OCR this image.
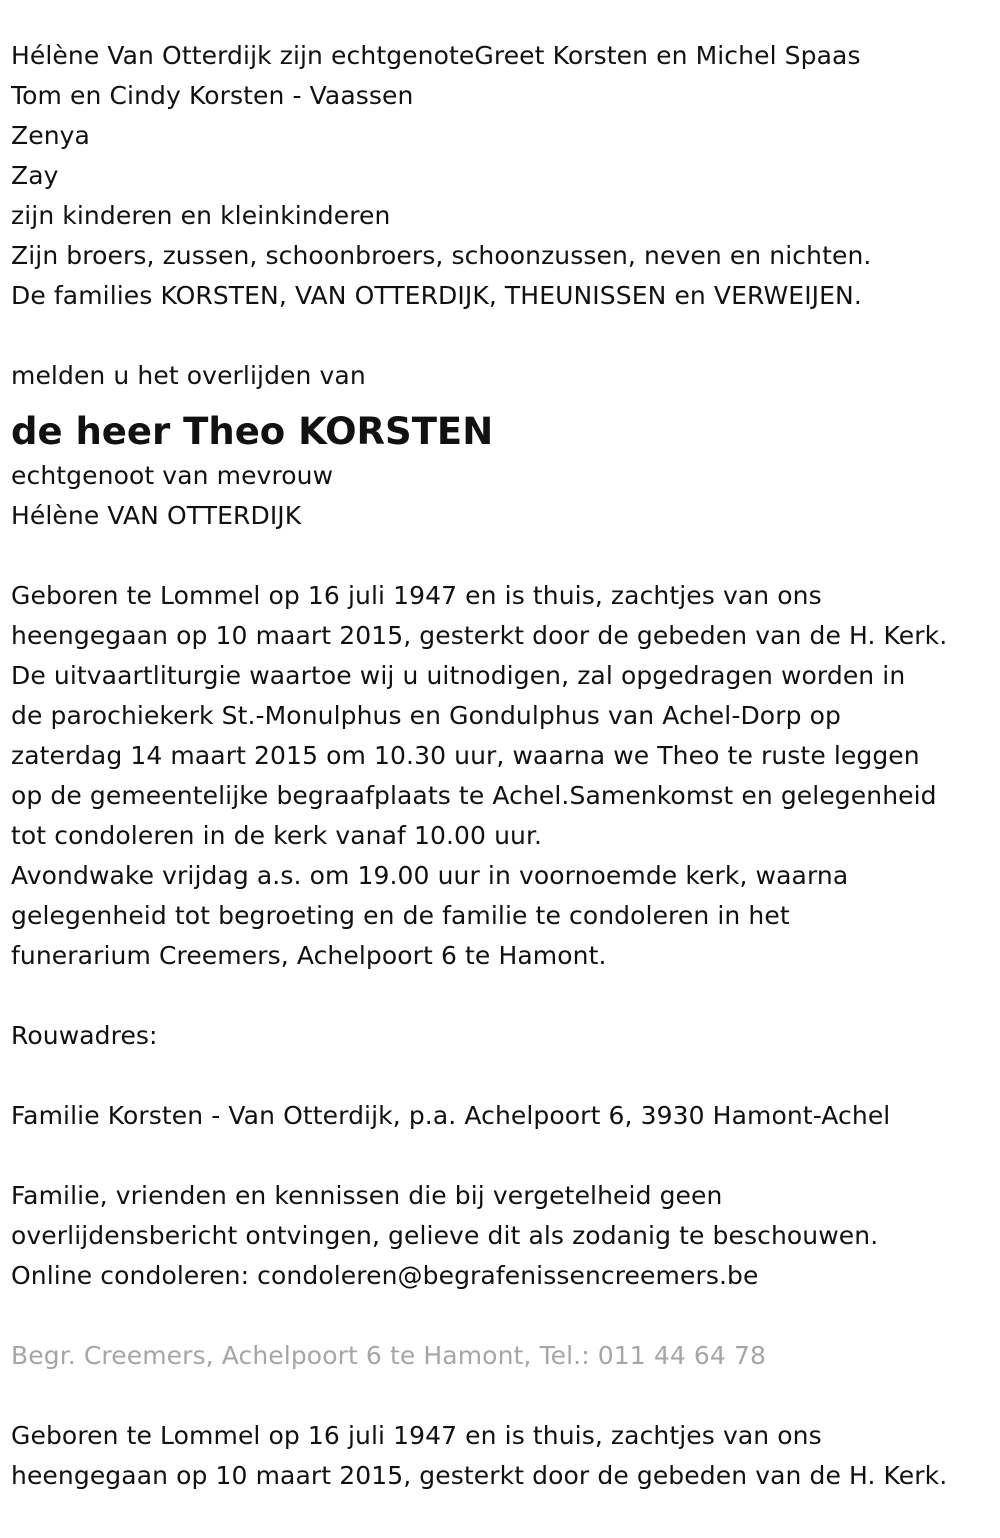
Hélène Van Otterdijk zijn echtgenoteGreet Korsten en Michel Spaas
Tom en Cindy Korsten - Vaassen
Zenya
Zay
zijn kinderen en kleinkinderen
Zijn broers, zussen, schoonbroers, schoonzussen, neven en nichten.
De families KORSTEN, VAN OTTERDIJK, THEUNISSEN en VERWEIJEN.
melden u het overlijden van
de heer Theo KORSTEN
echtgenoot van mevrouw
Hélène VAN OTTERDIJK
Geboren te Lommel op 16 juli 1947 en is thuis, zachtjes van ons
heengegaan op 10 maart 2015, gesterkt door de gebeden van de H. Kerk.
De uitvaartliturgie waartoe wij u uitnodigen, zal opgedragen worden in
de parochiekerk St.-Monulphus en Gondulphus van Achel-Dorp op
zaterdag 14 maart 2015 om 10.30 uur, waarna we Theo te ruste leggen
op de gemeentelijke begraafplaats te Achel.Samenkomst en gelegenheid
tot condoleren in de kerk vanaf 10.00 uur.
Avondwake vrijdag a.s. om 19.00 uur in voornoemde kerk, waarna
gelegenheid tot begroeting en de familie te condoleren in het
funerarium Creemers, Achelpoort 6 te Hamont.
Rouwadres:
Familie Korsten - Van Otterdijk, p.a. Achelpoort 6, 3930 Hamont-Achel
Familie, vrienden en kennissen die bij vergetelheid geen
overlijdensbericht ontvingen, gelieve dit als zodanig te beschouwen.
Online condoleren: condoleren@begrafenissencreemers.be
Begr. Creemers, Achelpoort 6 te Hamont, Tel.: 011 44 64 78
Geboren te Lommel op 16 juli 1947 en is thuis, zachtjes van ons
heengegaan op 10 maart 2015, gesterkt door de gebeden van de H. Kerk.
